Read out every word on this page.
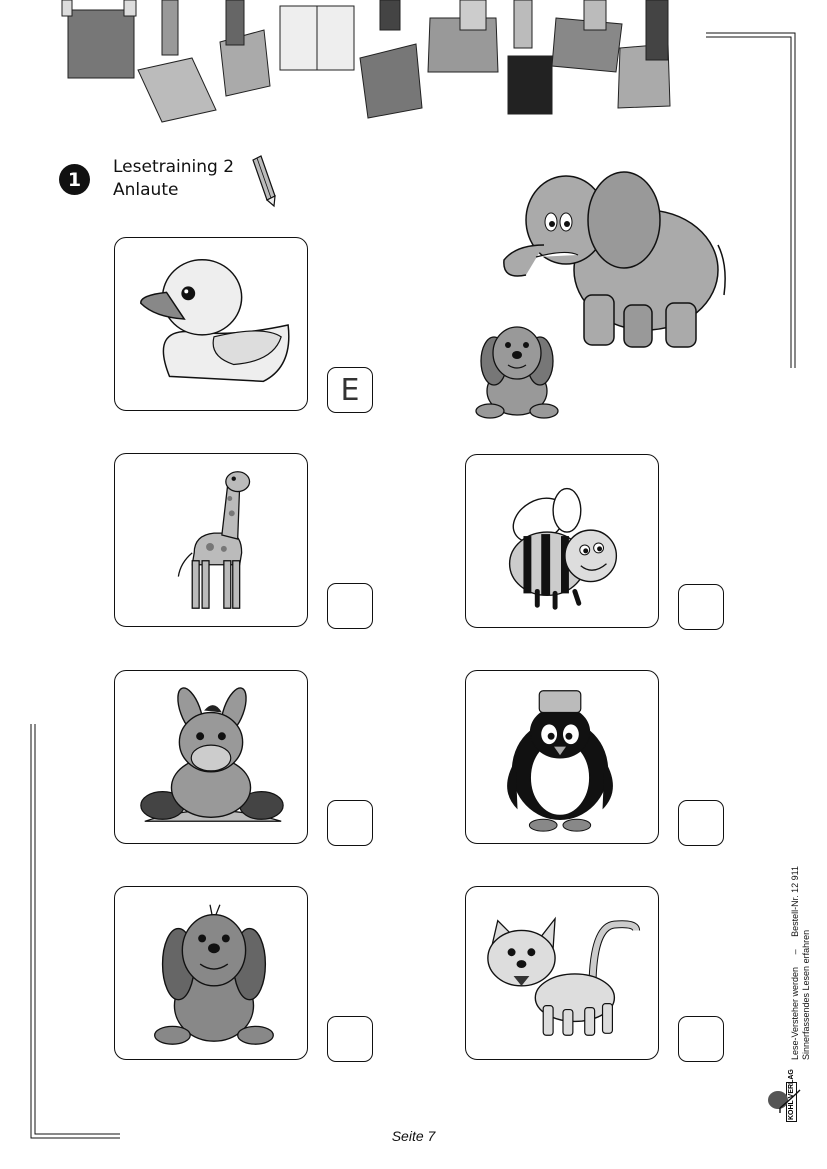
1
Lesetraining 2
Anlaute
E
Lese-Versteher werden     –     Bestell-Nr. 12 911
Sinnerfassendes Lesen erfahren
KOHL VERLAG
Seite 7
